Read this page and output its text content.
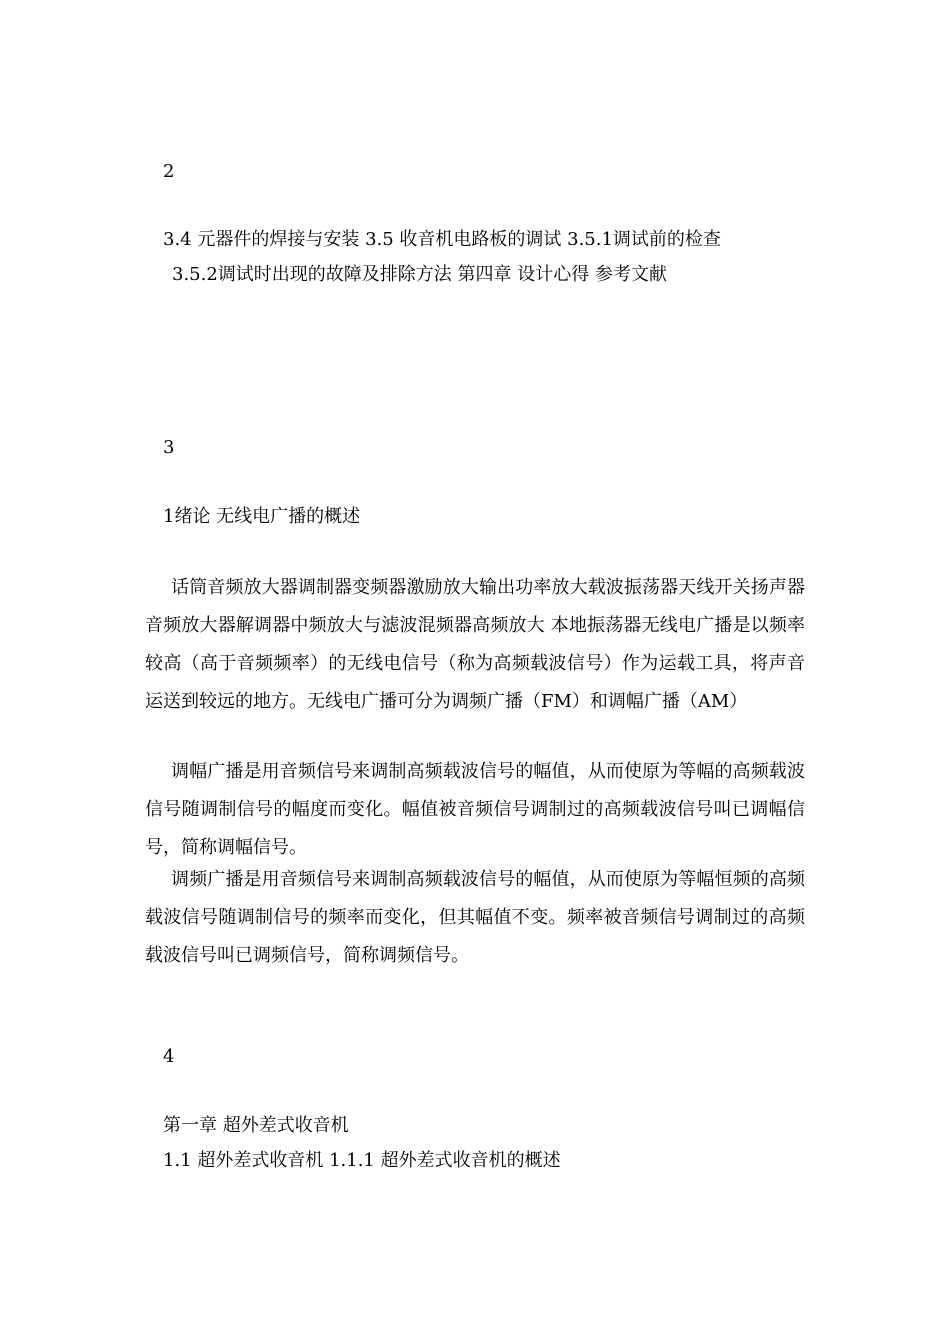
2
3.4 元器件的焊接与安装 3.5 收音机电路板的调试 3.5.1调试前的检查
3.5.2调试时出现的故障及排除方法 第四章 设计心得 参考文献
3
1绪论 无线电广播的概述
话筒音频放大器调制器变频器激励放大输出功率放大载波振荡器天线开关扬声器音频放大器解调器中频放大与滤波混频器高频放大 本地振荡器无线电广播是以频率较高（高于音频频率）的无线电信号（称为高频载波信号）作为运载工具，将声音运送到较远的地方。无线电广播可分为调频广播（FM）和调幅广播（AM）
调幅广播是用音频信号来调制高频载波信号的幅值，从而使原为等幅的高频载波信号随调制信号的幅度而变化。幅值被音频信号调制过的高频载波信号叫已调幅信号，简称调幅信号。
调频广播是用音频信号来调制高频载波信号的幅值，从而使原为等幅恒频的高频载波信号随调制信号的频率而变化，但其幅值不变。频率被音频信号调制过的高频载波信号叫已调频信号，简称调频信号。
4
第一章 超外差式收音机
1.1 超外差式收音机 1.1.1 超外差式收音机的概述
